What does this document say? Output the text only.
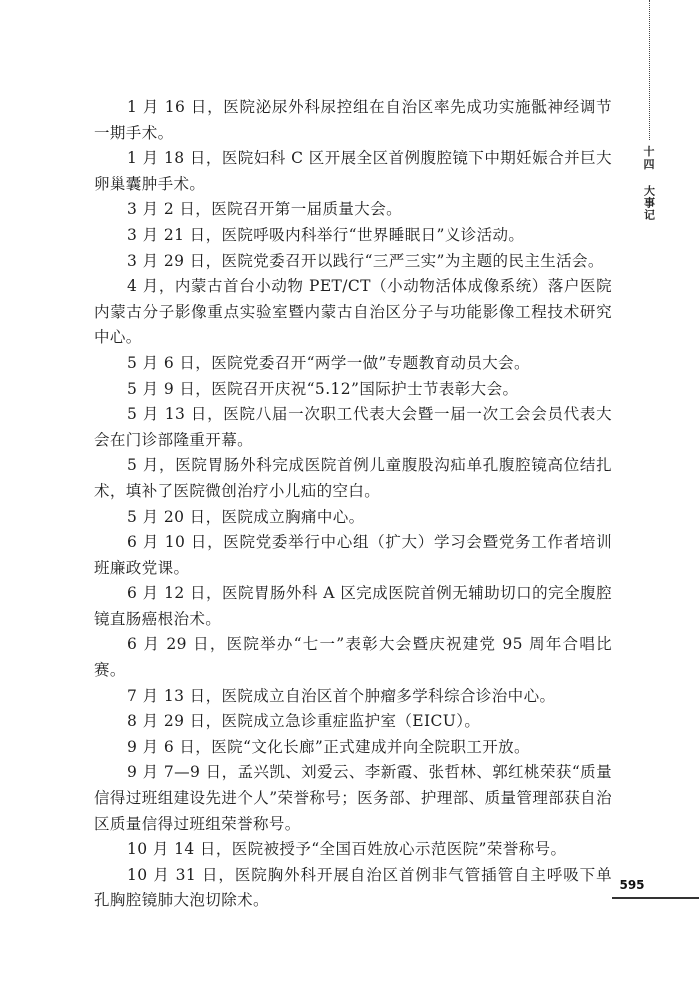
1 月 16 日，医院泌尿外科尿控组在自治区率先成功实施骶神经调节一期手术。

1 月 18 日，医院妇科 C 区开展全区首例腹腔镜下中期妊娠合并巨大卵巢囊肿手术。

3 月 2 日，医院召开第一届质量大会。

3 月 21 日，医院呼吸内科举行“世界睡眠日”义诊活动。

3 月 29 日，医院党委召开以践行“三严三实”为主题的民主生活会。

4 月，内蒙古首台小动物 PET/CT（小动物活体成像系统）落户医院内蒙古分子影像重点实验室暨内蒙古自治区分子与功能影像工程技术研究中心。

5 月 6 日，医院党委召开“两学一做”专题教育动员大会。

5 月 9 日，医院召开庆祝“5.12”国际护士节表彰大会。

5 月 13 日，医院八届一次职工代表大会暨一届一次工会会员代表大会在门诊部隆重开幕。

5 月，医院胃肠外科完成医院首例儿童腹股沟疝单孔腹腔镜高位结扎术，填补了医院微创治疗小儿疝的空白。

5 月 20 日，医院成立胸痛中心。

6 月 10 日，医院党委举行中心组（扩大）学习会暨党务工作者培训班廉政党课。

6 月 12 日，医院胃肠外科 A 区完成医院首例无辅助切口的完全腹腔镜直肠癌根治术。

6 月 29 日，医院举办“七一”表彰大会暨庆祝建党 95 周年合唱比赛。

7 月 13 日，医院成立自治区首个肿瘤多学科综合诊治中心。

8 月 29 日，医院成立急诊重症监护室（EICU）。

9 月 6 日，医院“文化长廊”正式建成并向全院职工开放。

9 月 7—9 日，孟兴凯、刘爱云、李新霞、张哲林、郭红桃荣获“质量信得过班组建设先进个人”荣誉称号；医务部、护理部、质量管理部获自治区质量信得过班组荣誉称号。

10 月 14 日，医院被授予“全国百姓放心示范医院”荣誉称号。

10 月 31 日，医院胸外科开展自治区首例非气管插管自主呼吸下单孔胸腔镜肺大泡切除术。

十四
大事记
595
